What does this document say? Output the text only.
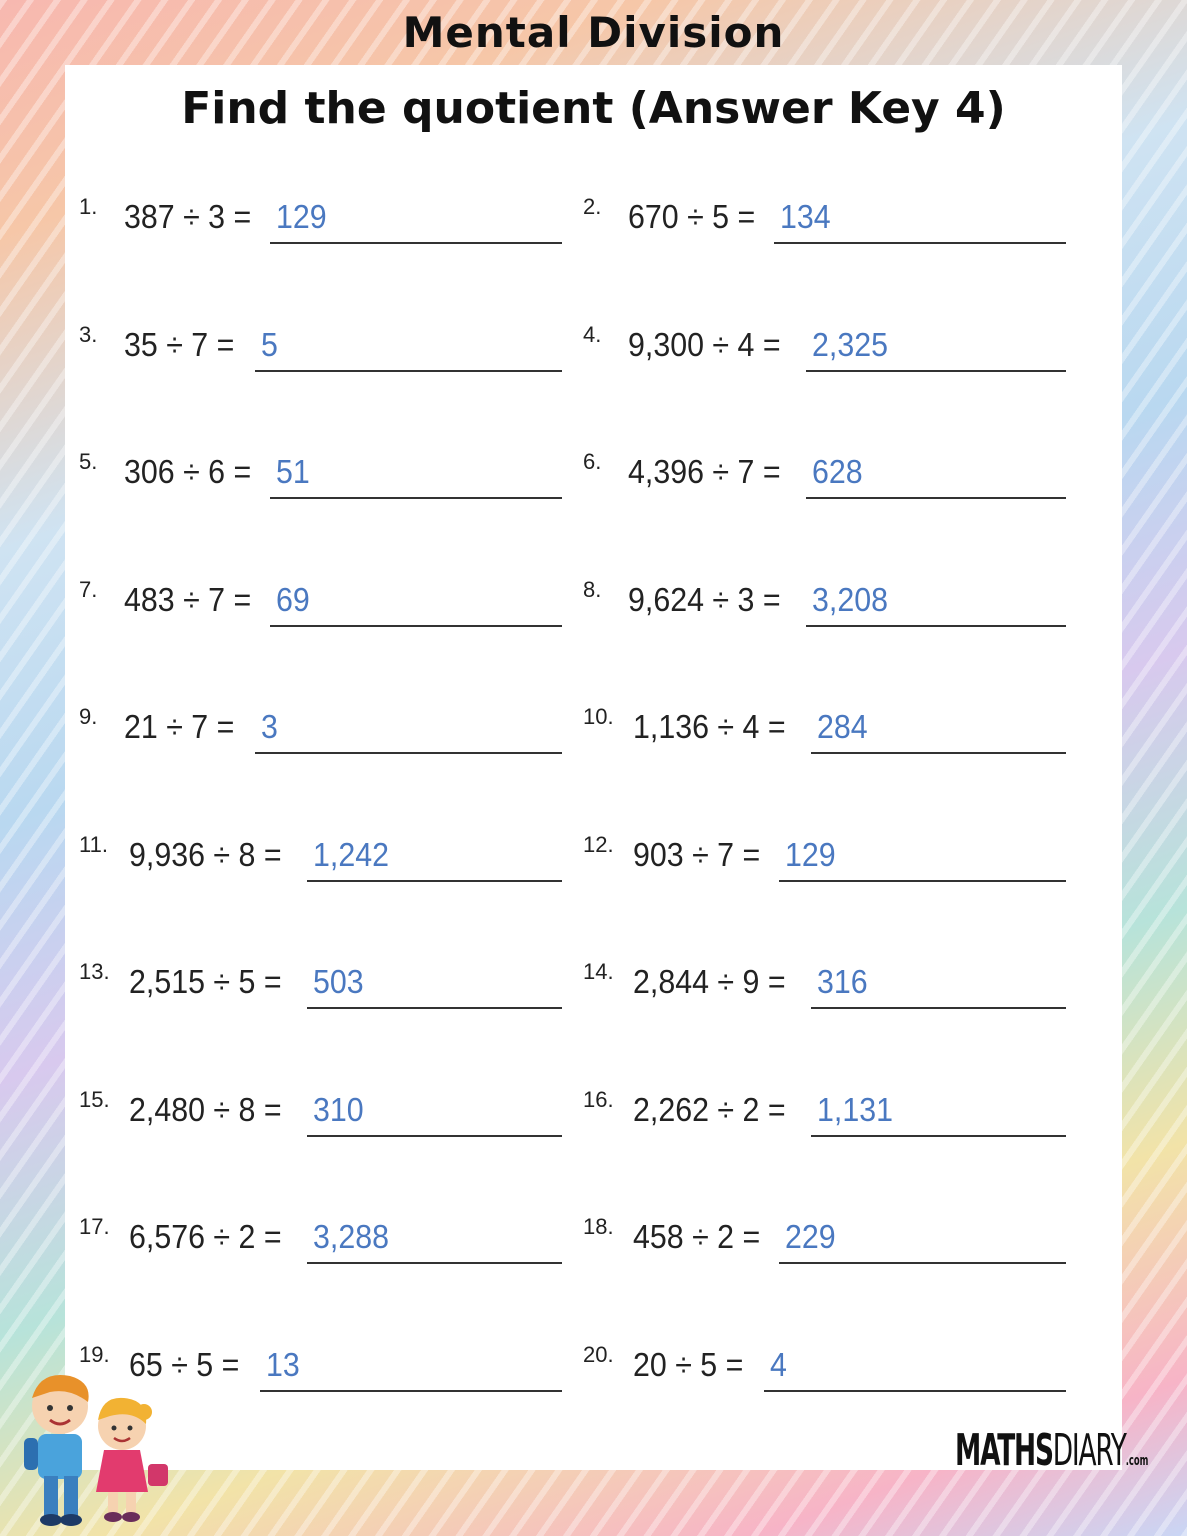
Mental Division
Find the quotient (Answer Key 4)
1. 387 ÷ 3 = 129	2. 670 ÷ 5 = 134
3. 35 ÷ 7 = 5	4. 9,300 ÷ 4 = 2,325
5. 306 ÷ 6 = 51	6. 4,396 ÷ 7 = 628
7. 483 ÷ 7 = 69	8. 9,624 ÷ 3 = 3,208
9. 21 ÷ 7 = 3	10. 1,136 ÷ 4 = 284
11. 9,936 ÷ 8 = 1,242	12. 903 ÷ 7 = 129
13. 2,515 ÷ 5 = 503	14. 2,844 ÷ 9 = 316
15. 2,480 ÷ 8 = 310	16. 2,262 ÷ 2 = 1,131
17. 6,576 ÷ 2 = 3,288	18. 458 ÷ 2 = 229
19. 65 ÷ 5 = 13	20. 20 ÷ 5 = 4
MATHSDIARY.com
